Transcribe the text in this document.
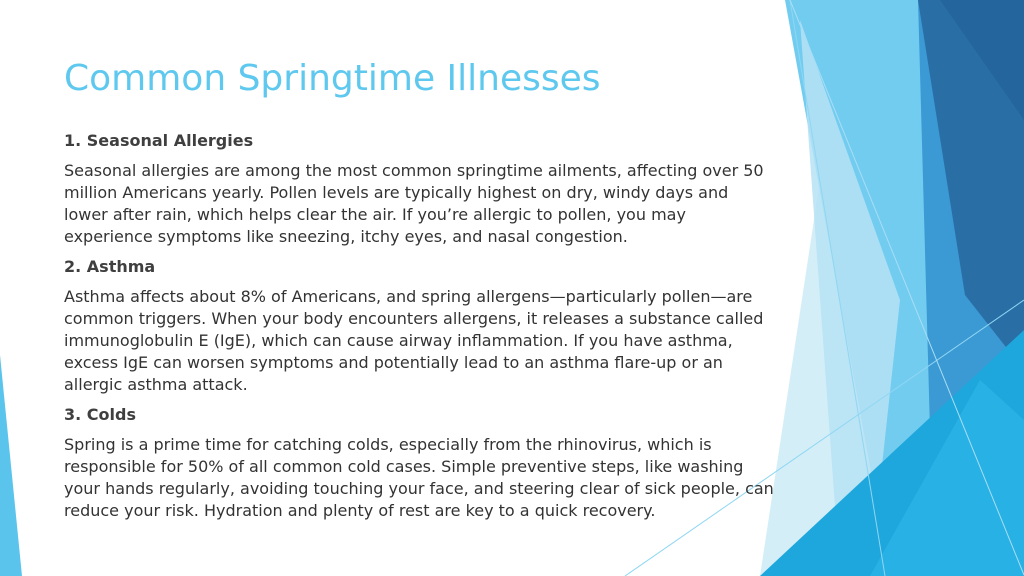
Common Springtime Illnesses

1. Seasonal Allergies

Seasonal allergies are among the most common springtime ailments, affecting over 50 million Americans yearly. Pollen levels are typically highest on dry, windy days and lower after rain, which helps clear the air. If you’re allergic to pollen, you may experience symptoms like sneezing, itchy eyes, and nasal congestion.

2. Asthma

Asthma affects about 8% of Americans, and spring allergens—particularly pollen—are common triggers. When your body encounters allergens, it releases a substance called immunoglobulin E (IgE), which can cause airway inflammation. If you have asthma, excess IgE can worsen symptoms and potentially lead to an asthma flare-up or an allergic asthma attack.

3. Colds

Spring is a prime time for catching colds, especially from the rhinovirus, which is responsible for 50% of all common cold cases. Simple preventive steps, like washing your hands regularly, avoiding touching your face, and steering clear of sick people, can reduce your risk. Hydration and plenty of rest are key to a quick recovery.
